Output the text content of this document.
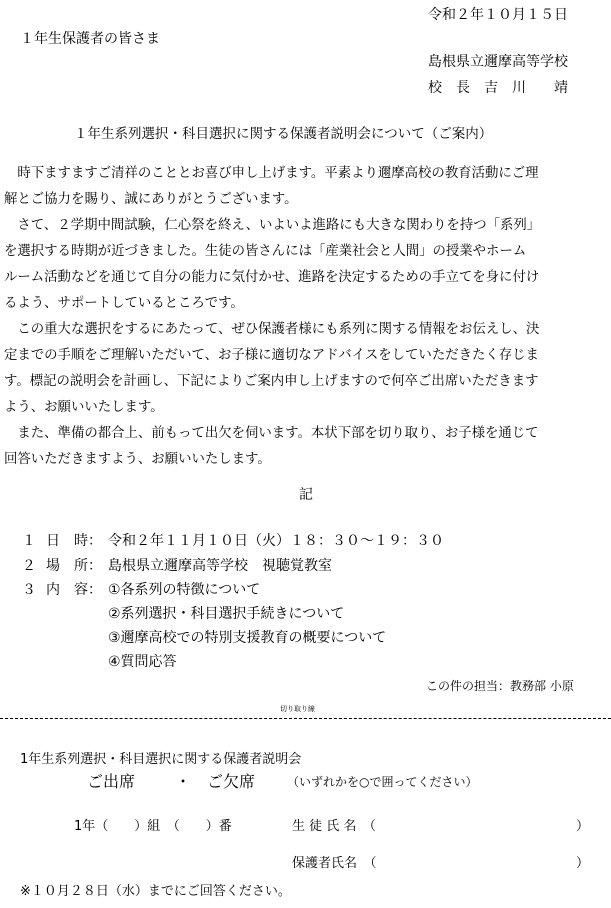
令和２年１０月１５日
１年生保護者の皆さま
島根県立邇摩高等学校
校　長　吉　川　　靖
１年生系列選択・科目選択に関する保護者説明会について（ご案内）
　時下ますますご清祥のこととお喜び申し上げます。平素より邇摩高校の教育活動にご理
解とご協力を賜り、誠にありがとうございます。
　さて、２学期中間試験，仁心祭を終え、いよいよ進路にも大きな関わりを持つ「系列」
を選択する時期が近づきました。生徒の皆さんには「産業社会と人間」の授業やホーム
ルーム活動などを通じて自分の能力に気付かせ、進路を決定するための手立てを身に付け
るよう、サポートしているところです。
　この重大な選択をするにあたって、ぜひ保護者様にも系列に関する情報をお伝えし、決
定までの手順をご理解いただいて、お子様に適切なアドバイスをしていただきたく存じま
す。標記の説明会を計画し、下記によりご案内申し上げますので何卒ご出席いただきます
よう、お願いいたします。
　また、準備の都合上、前もって出欠を伺います。本状下部を切り取り、お子様を通じて
回答いただきますよう、お願いいたします。
記
１ 日　時： 令和２年１１月１０日（火）１８：３０～１９：３０
２ 場　所： 島根県立邇摩高等学校　視聴覚教室
３ 内　容： ①各系列の特徴について
②系列選択・科目選択手続きについて
③邇摩高校での特別支援教育の概要について
④質問応答
この件の担当：教務部 小原
切り取り線
1年生系列選択・科目選択に関する保護者説明会
ご出席 ・ ご欠席	（いずれかを○で囲ってください）
1年（　　）組　（　　）番	生 徒 氏 名　（	）
保護者氏名　（	）
※１０月２８日（水）までにご回答ください。
